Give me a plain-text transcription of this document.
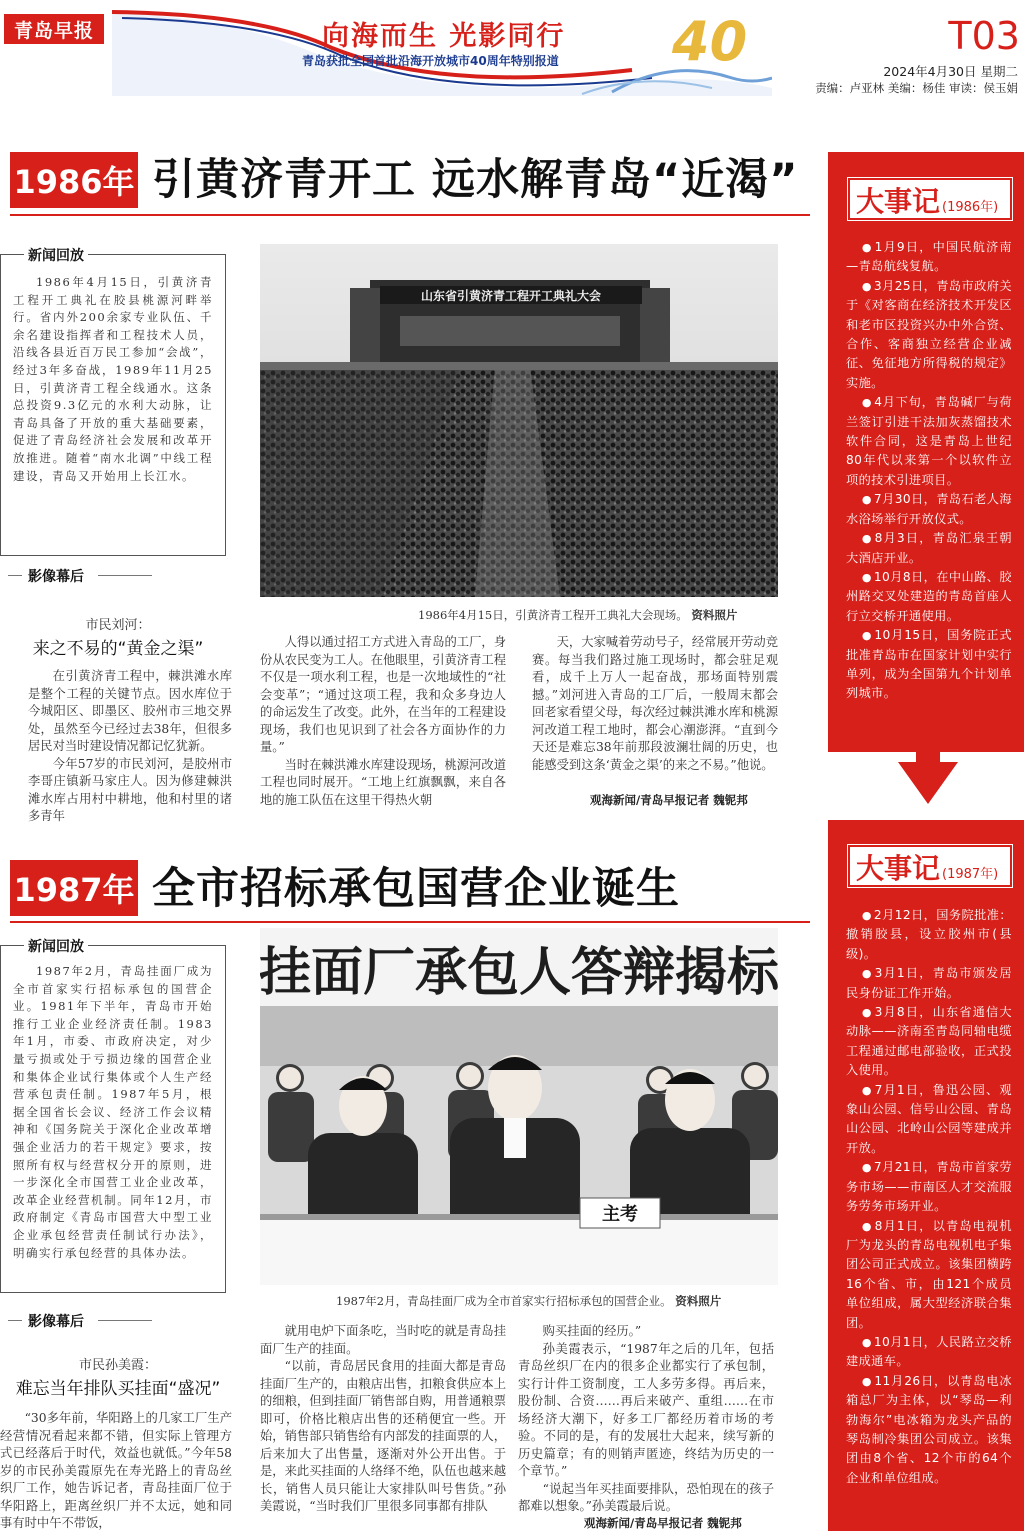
青岛早报	向海而生 光影同行
青岛获批全国首批沿海开放城市40周年特别报道 40	T03
2024年4月30日 星期二
责编：卢亚林 美编：杨佳 审读：侯玉娟
1986年 引黄济青开工 远水解青岛“近渴”
新闻回放
1986年4月15日，引黄济青工程开工典礼在胶县桃源河畔举行。省内外200余家专业队伍、千余名建设指挥者和工程技术人员，沿线各县近百万民工参加“会战”，经过3年多奋战，1989年11月25日，引黄济青工程全线通水。这条总投资9.3亿元的水利大动脉，让青岛具备了开放的重大基础要素，促进了青岛经济社会发展和改革开放推进。随着“南水北调”中线工程建设，青岛又开始用上长江水。
影像幕后
山东省引黄济青工程开工典礼大会
1986年4月15日，引黄济青工程开工典礼大会现场。 资料照片
市民刘河：
来之不易的“黄金之渠”

在引黄济青工程中，棘洪滩水库是整个工程的关键节点。因水库位于今城阳区、即墨区、胶州市三地交界处，虽然至今已经过去38年，但很多居民对当时建设情况都记忆犹新。

今年57岁的市民刘河，是胶州市李哥庄镇新马家庄人。因为修建棘洪滩水库占用村中耕地，他和村里的诸多青年

人得以通过招工方式进入青岛的工厂，身份从农民变为工人。在他眼里，引黄济青工程不仅是一项水利工程，也是一次地域性的“社会变革”；“通过这项工程，我和众多身边人的命运发生了改变。此外，在当年的工程建设现场，我们也见识到了社会各方面协作的力量。”

当时在棘洪滩水库建设现场，桃源河改道工程也同时展开。“工地上红旗飘飘，来自各地的施工队伍在这里干得热火朝

天，大家喊着劳动号子，经常展开劳动竞赛。每当我们路过施工现场时，都会驻足观看，成千上万人一起奋战，那场面特别震撼。”刘河进入青岛的工厂后，一般周末都会回老家看望父母，每次经过棘洪滩水库和桃源河改道工程工地时，都会心潮澎湃。“直到今天还是难忘38年前那段波澜壮阔的历史，也能感受到这条‘黄金之渠’的来之不易。”他说。

观海新闻/青岛早报记者 魏铌邦
1987年 全市招标承包国营企业诞生
新闻回放
1987年2月，青岛挂面厂成为全市首家实行招标承包的国营企业。1981年下半年，青岛市开始推行工业企业经济责任制。1983年1月，市委、市政府决定，对少量亏损或处于亏损边缘的国营企业和集体企业试行集体或个人生产经营承包责任制。1987年5月，根据全国省长会议、经济工作会议精神和《国务院关于深化企业改革增强企业活力的若干规定》要求，按照所有权与经营权分开的原则，进一步深化全市国营工业企业改革，改革企业经营机制。同年12月，市政府制定《青岛市国营大中型工业企业承包经营责任制试行办法》，明确实行承包经营的具体办法。
影像幕后
挂面厂承包人答辩揭标
主考
1987年2月，青岛挂面厂成为全市首家实行招标承包的国营企业。 资料照片
市民孙美霞：
难忘当年排队买挂面“盛况”

“30多年前，华阳路上的几家工厂生产经营情况看起来都不错，但实际上管理方式已经落后于时代，效益也就低。”今年58岁的市民孙美霞原先在寿光路上的青岛丝织厂工作，她告诉记者，青岛挂面厂位于华阳路上，距离丝织厂并不太远，她和同事有时中午不带饭，

就用电炉下面条吃，当时吃的就是青岛挂面厂生产的挂面。

“以前，青岛居民食用的挂面大都是青岛挂面厂生产的，由粮店出售，扣粮食供应本上的细粮，但到挂面厂销售部自购，用普通粮票即可，价格比粮店出售的还稍便宜一些。开始，销售部只销售给有内部发的挂面票的人，后来加大了出售量，逐渐对外公开出售。于是，来此买挂面的人络绎不绝，队伍也越来越长，销售人员只能让大家排队叫号售货。”孙美霞说，“当时我们厂里很多同事都有排队

购买挂面的经历。”

孙美霞表示，“1987年之后的几年，包括青岛丝织厂在内的很多企业都实行了承包制，实行计件工资制度，工人多劳多得。再后来，股份制、合资……再后来破产、重组……在市场经济大潮下，好多工厂都经历着市场的考验。不同的是，有的发展壮大起来，续写新的历史篇章；有的则销声匿迹，终结为历史的一个章节。”

“说起当年买挂面要排队，恐怕现在的孩子都难以想象。”孙美霞最后说。

观海新闻/青岛早报记者 魏铌邦
大事记 (1986年)

● 1月9日，中国民航济南—青岛航线复航。

● 3月25日，青岛市政府关于《对客商在经济技术开发区和老市区投资兴办中外合资、合作、客商独立经营企业减征、免征地方所得税的规定》实施。

● 4月下旬，青岛碱厂与荷兰签订引进干法加灰蒸馏技术软件合同，这是青岛上世纪80年代以来第一个以软件立项的技术引进项目。

● 7月30日，青岛石老人海水浴场举行开放仪式。

● 8月3日，青岛汇泉王朝大酒店开业。

● 10月8日，在中山路、胶州路交叉处建造的青岛首座人行立交桥开通使用。

● 10月15日，国务院正式批准青岛市在国家计划中实行单列，成为全国第九个计划单列城市。

大事记 (1987年)

● 2月12日，国务院批准：撤销胶县，设立胶州市(县级)。

● 3月1日，青岛市颁发居民身份证工作开始。

● 3月8日，山东省通信大动脉——济南至青岛同轴电缆工程通过邮电部验收，正式投入使用。

● 7月1日，鲁迅公园、观象山公园、信号山公园、青岛山公园、北岭山公园等建成并开放。

● 7月21日，青岛市首家劳务市场——市南区人才交流服务劳务市场开业。

● 8月1日，以青岛电视机厂为龙头的青岛电视机电子集团公司正式成立。该集团横跨16个省、市，由121个成员单位组成，属大型经济联合集团。

● 10月1日，人民路立交桥建成通车。

● 11月26日，以青岛电冰箱总厂为主体，以“琴岛—利勃海尔”电冰箱为龙头产品的琴岛制冷集团公司成立。该集团由8个省、12个市的64个企业和单位组成。
